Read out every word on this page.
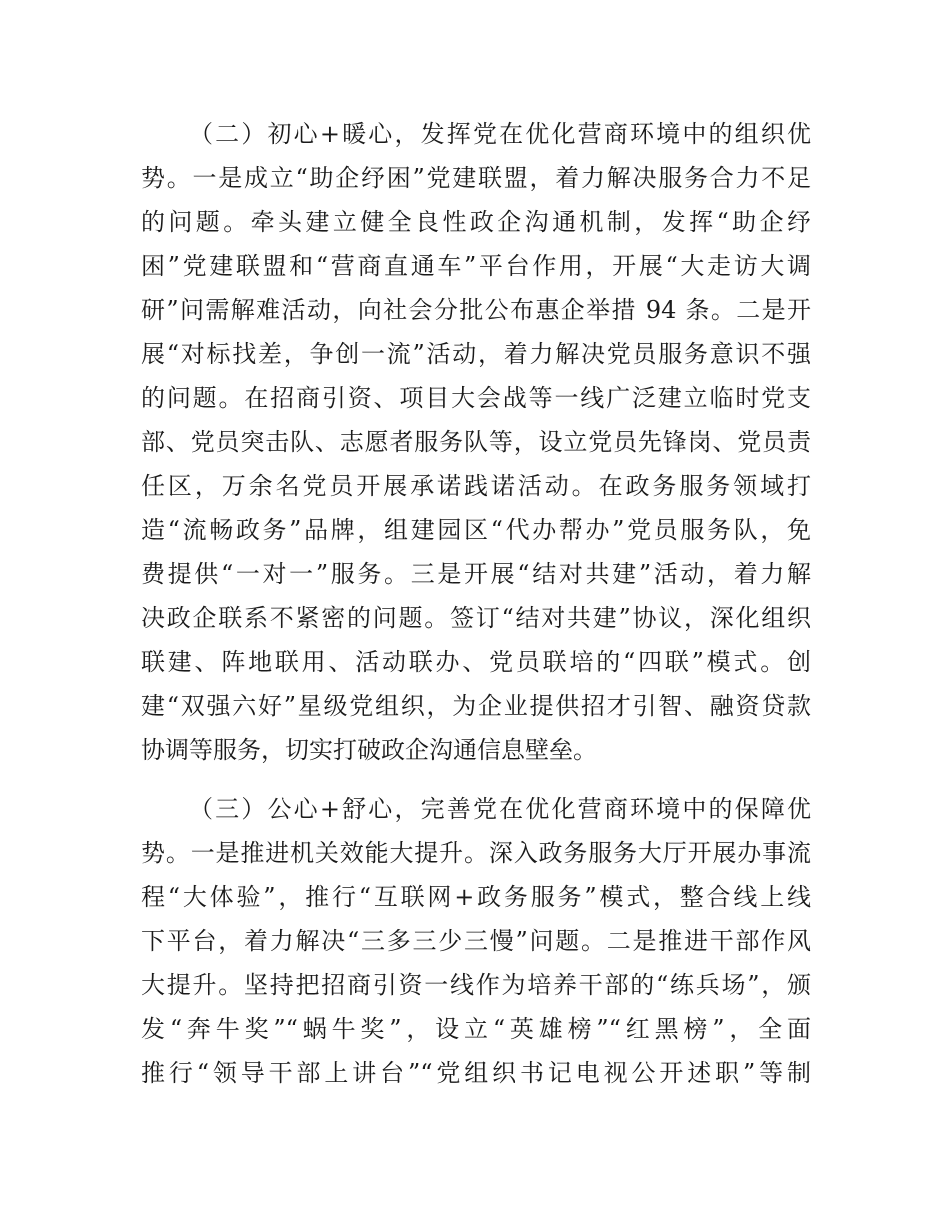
（二）初心+暖心，发挥党在优化营商环境中的组织优
势。一是成立“助企纾困”党建联盟，着力解决服务合力不足
的问题。牵头建立健全良性政企沟通机制，发挥“助企纾
困”党建联盟和“营商直通车”平台作用，开展“大走访大调
研”问需解难活动，向社会分批公布惠企举措 94 条。二是开
展“对标找差，争创一流”活动，着力解决党员服务意识不强
的问题。在招商引资、项目大会战等一线广泛建立临时党支
部、党员突击队、志愿者服务队等，设立党员先锋岗、党员责
任区，万余名党员开展承诺践诺活动。在政务服务领域打
造“流畅政务”品牌，组建园区“代办帮办”党员服务队，免
费提供“一对一”服务。三是开展“结对共建”活动，着力解
决政企联系不紧密的问题。签订“结对共建”协议，深化组织
联建、阵地联用、活动联办、党员联培的“四联”模式。创
建“双强六好”星级党组织，为企业提供招才引智、融资贷款
协调等服务，切实打破政企沟通信息壁垒。
（三）公心+舒心，完善党在优化营商环境中的保障优
势。一是推进机关效能大提升。深入政务服务大厅开展办事流
程“大体验”，推行“互联网+政务服务”模式，整合线上线
下平台，着力解决“三多三少三慢”问题。二是推进干部作风
大提升。坚持把招商引资一线作为培养干部的“练兵场”，颁
发“奔牛奖”“蜗牛奖”，设立“英雄榜”“红黑榜”，全面
推行“领导干部上讲台”“党组织书记电视公开述职”等制
